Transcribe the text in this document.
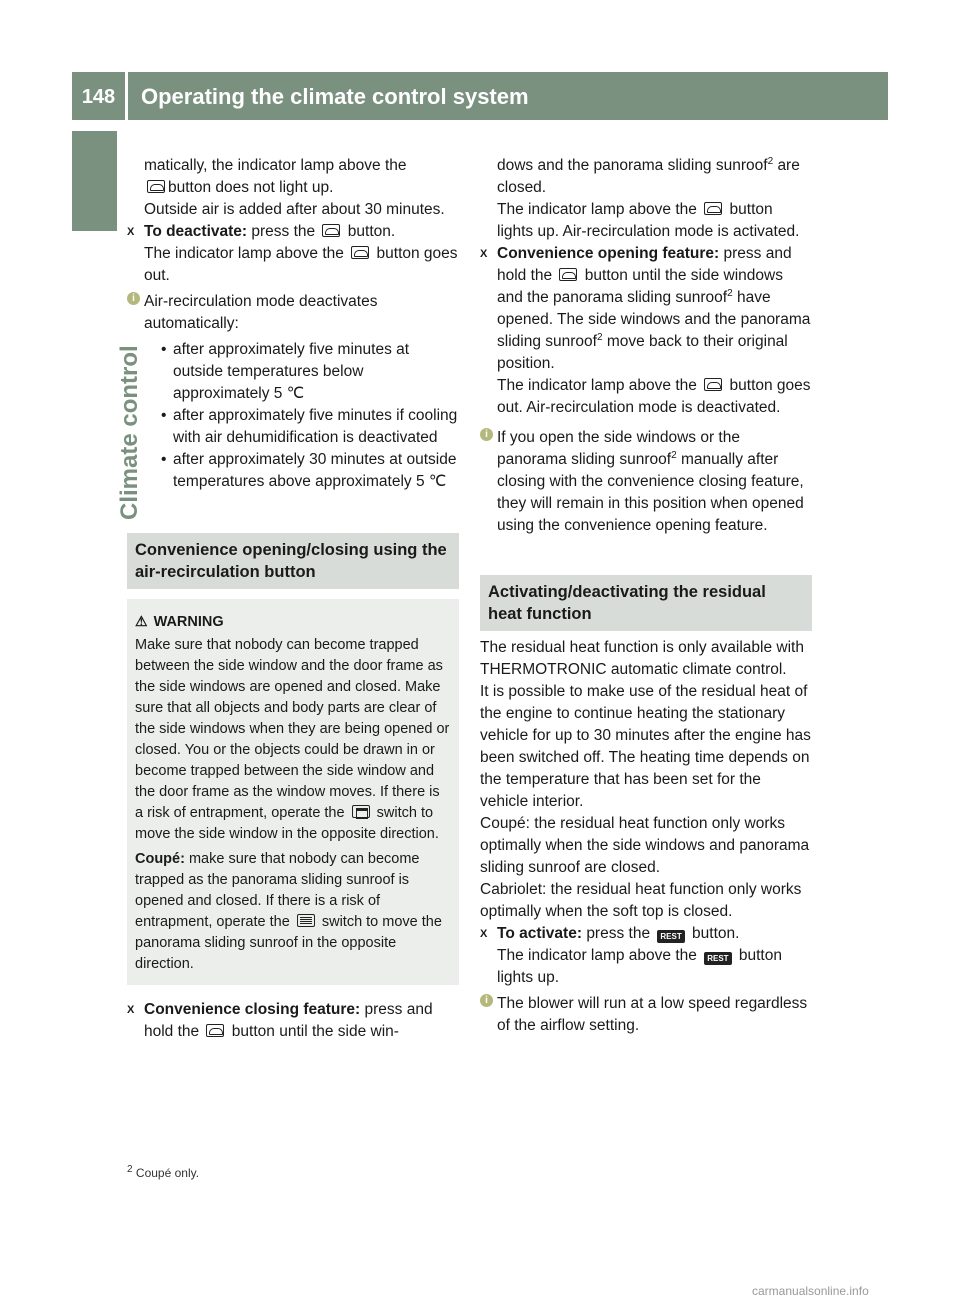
148	Operating the climate control system
Climate control

matically, the indicator lamp above the
button does not light up.

Outside air is added after about 30 minutes.

X To deactivate: press the button.
The indicator lamp above the button goes out.
i Air-recirculation mode deactivates automatically:
• after approximately five minutes at outside temperatures below approximately 5 ℃
• after approximately five minutes if cooling with air dehumidification is deactivated
• after approximately 30 minutes at outside temperatures above approximately 5 ℃
Convenience opening/closing using the air-recirculation button
⚠ WARNING

Make sure that nobody can become trapped between the side window and the door frame as the side windows are opened and closed. Make sure that all objects and body parts are clear of the side windows when they are being opened or closed. You or the objects could be drawn in or become trapped between the side window and the door frame as the window moves. If there is a risk of entrapment, operate the switch to move the side window in the opposite direction.

Coupé: make sure that nobody can become trapped as the panorama sliding sunroof is opened and closed. If there is a risk of entrapment, operate the switch to move the panorama sliding sunroof in the opposite direction.

X Convenience closing feature: press and hold the button until the side win-

dows and the panorama sliding sunroof$^2$ are closed.
The indicator lamp above the button lights up. Air-recirculation mode is activated.

X Convenience opening feature: press and hold the button until the side windows and the panorama sliding sunroof$^2$ have opened. The side windows and the panorama sliding sunroof$^2$ move back to their original position.
The indicator lamp above the button goes out. Air-recirculation mode is deactivated.
i If you open the side windows or the panorama sliding sunroof$^2$ manually after closing with the convenience closing feature, they will remain in this position when opened using the convenience opening feature.
Activating/deactivating the residual heat function

The residual heat function is only available with THERMOTRONIC automatic climate control.

It is possible to make use of the residual heat of the engine to continue heating the stationary vehicle for up to 30 minutes after the engine has been switched off. The heating time depends on the temperature that has been set for the vehicle interior.

Coupé: the residual heat function only works optimally when the side windows and panorama sliding sunroof are closed.

Cabriolet: the residual heat function only works optimally when the soft top is closed.

X To activate: press the REST button.
The indicator lamp above the REST button lights up.
i The blower will run at a low speed regardless of the airflow setting.
$^2$ Coupé only.
carmanualsonline.info
